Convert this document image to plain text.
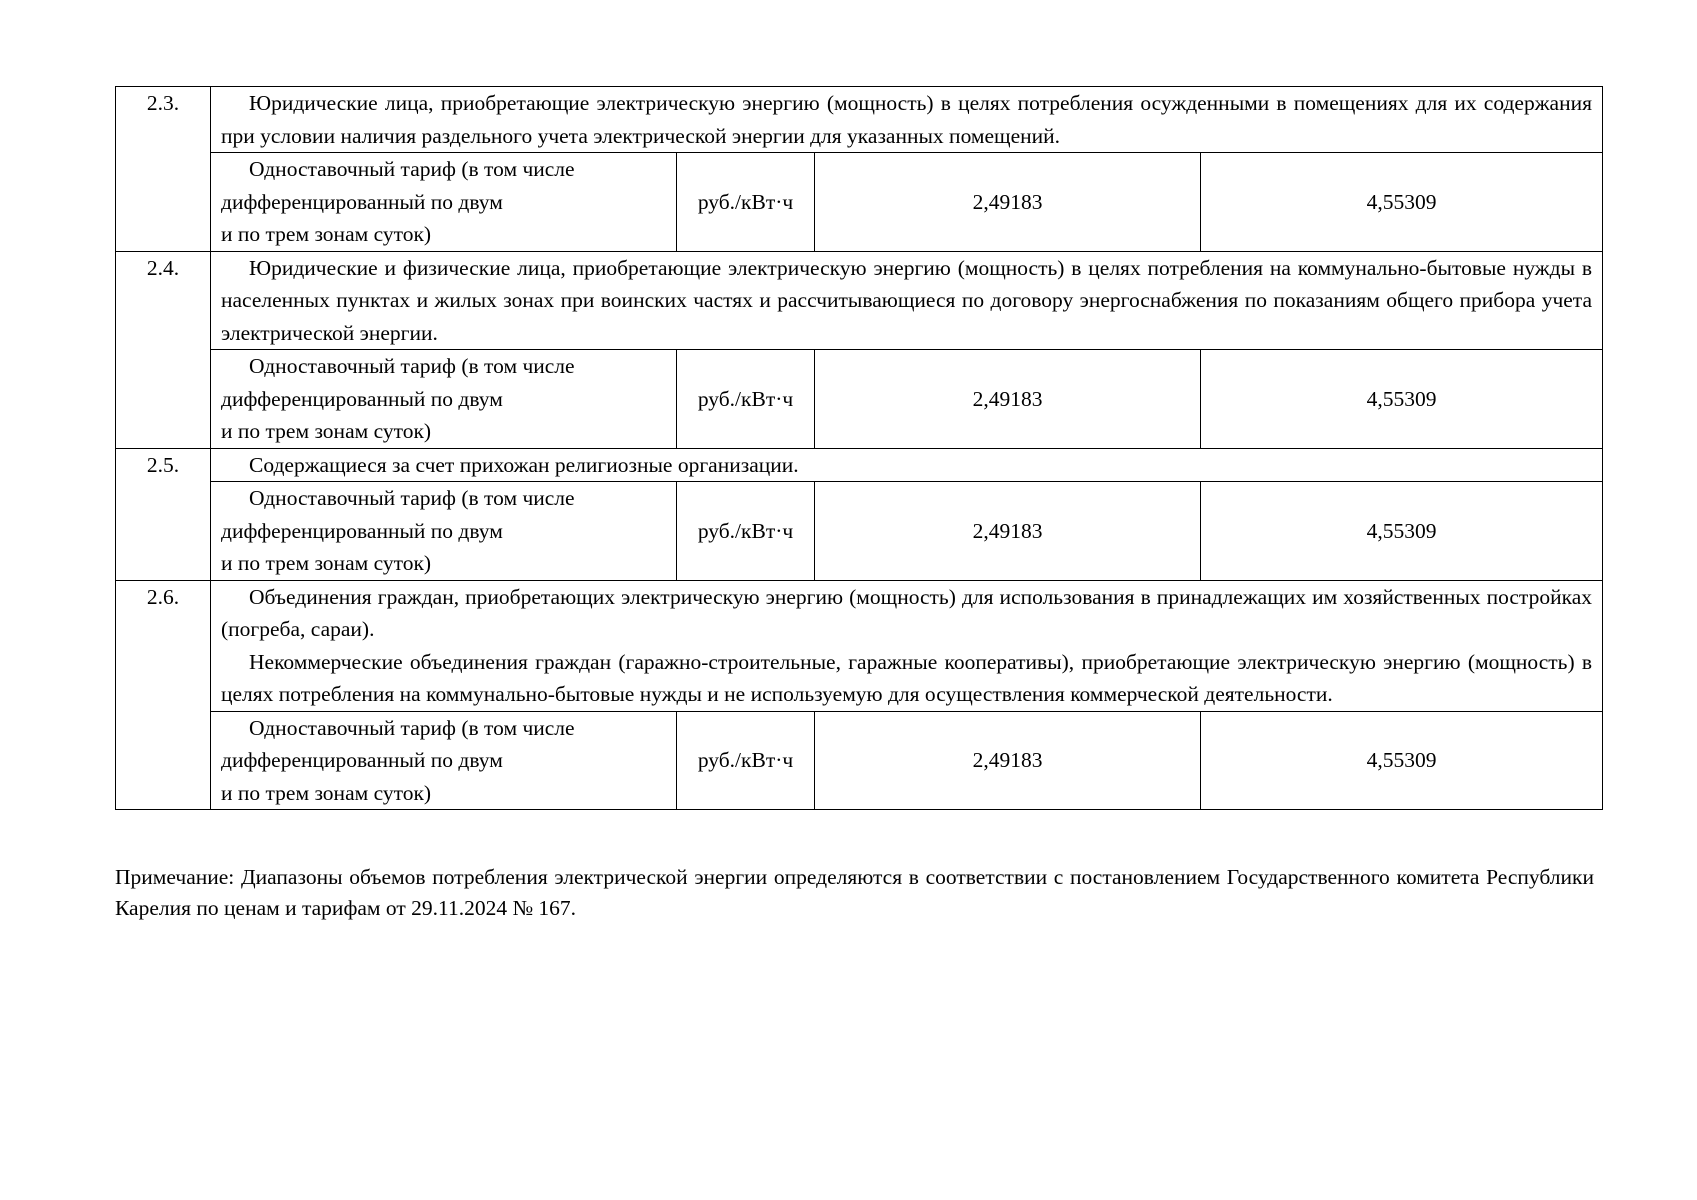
2.3.	Юридические лица, приобретающие электрическую энергию (мощность) в целях потребления осужденными в помещениях для их содержания при условии наличия раздельного учета электрической энергии для указанных помещений.			

	Одноставочный тариф (в том числе

дифференцированный по двум

и по трем зонам суток)	руб./кВт·ч	2,49183	4,55309
2.4.	Юридические и физические лица, приобретающие электрическую энергию (мощность) в целях потребления на коммунально-бытовые нужды в населенных пунктах и жилых зонах при воинских частях и рассчитывающиеся по договору энергоснабжения по показаниям общего прибора учета электрической энергии.			

	Одноставочный тариф (в том числе

дифференцированный по двум

и по трем зонам суток)	руб./кВт·ч	2,49183	4,55309
2.5.	Содержащиеся за счет прихожан религиозные организации.			

	Одноставочный тариф (в том числе

дифференцированный по двум

и по трем зонам суток)	руб./кВт·ч	2,49183	4,55309
2.6.	Объединения граждан, приобретающих электрическую энергию (мощность) для использования в принадлежащих им хозяйственных постройках (погреба, сараи).

Некоммерческие объединения граждан (гаражно-строительные, гаражные кооперативы), приобретающие электрическую энергию (мощность) в целях потребления на коммунально-бытовые нужды и не используемую для осуществления коммерческой деятельности.			

	Одноставочный тариф (в том числе

дифференцированный по двум

и по трем зонам суток)	руб./кВт·ч	2,49183	4,55309
Примечание: Диапазоны объемов потребления электрической энергии определяются в соответствии с постановлением Государственного комитета Республики Карелия по ценам и тарифам от 29.11.2024 № 167.
